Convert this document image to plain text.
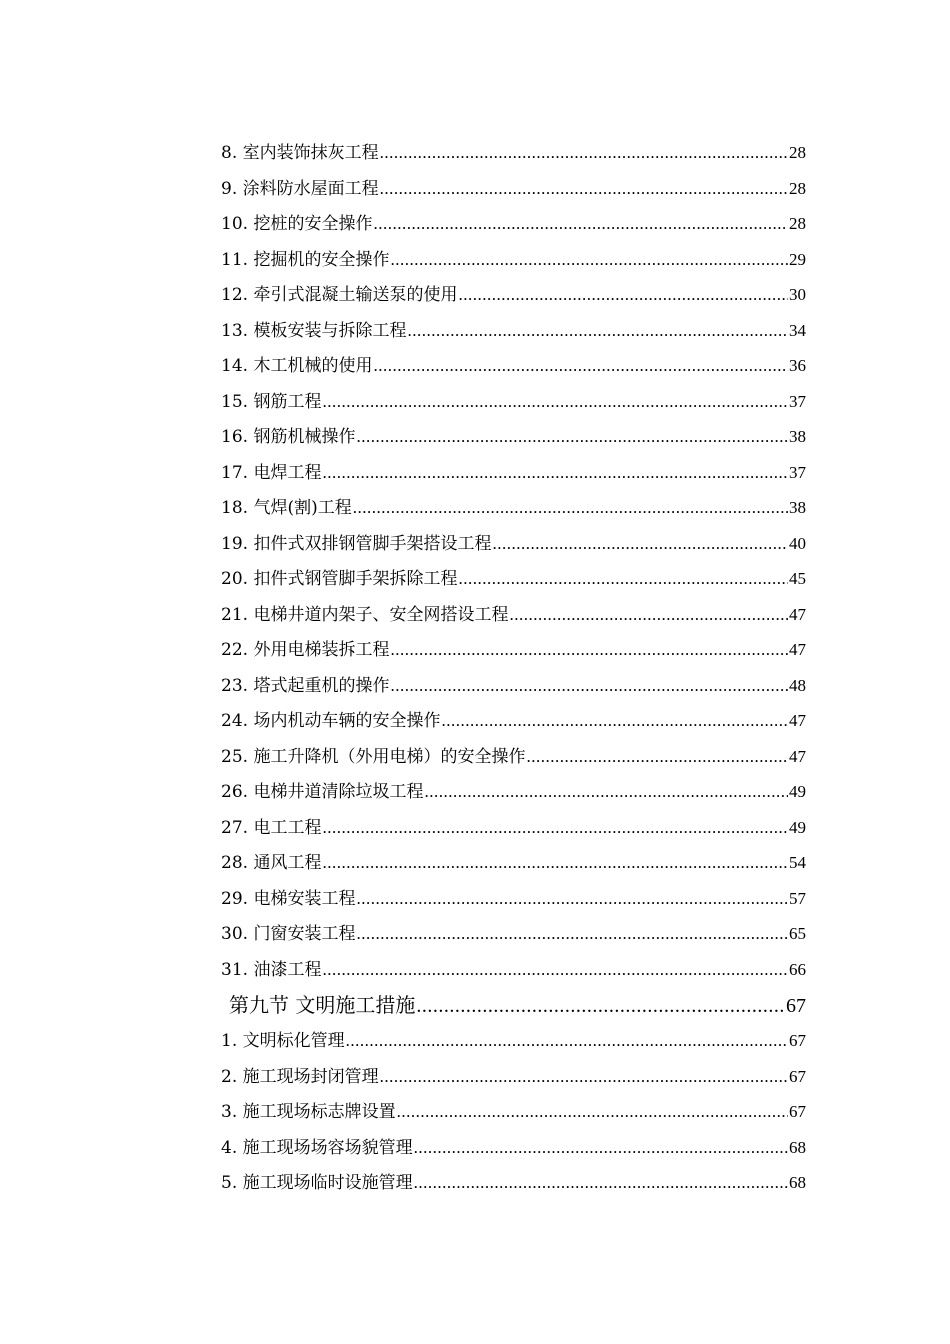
8. 室内装饰抹灰工程 .....	28
9. 涂料防水屋面工程 .....	28
10. 挖桩的安全操作 .....	28
11. 挖掘机的安全操作 .....	29
12. 牵引式混凝土输送泵的使用 .....	30
13. 模板安装与拆除工程 .....	34
14. 木工机械的使用 .....	36
15. 钢筋工程 .....	37
16. 钢筋机械操作 .....	38
17. 电焊工程 .....	37
18. 气焊(割)工程 .....	38
19. 扣件式双排钢管脚手架搭设工程 .....	40
20. 扣件式钢管脚手架拆除工程 .....	45
21. 电梯井道内架子、安全网搭设工程 .....	47
22. 外用电梯装拆工程 .....	47
23. 塔式起重机的操作 .....	48
24. 场内机动车辆的安全操作 .....	47
25. 施工升降机（外用电梯）的安全操作 .....	47
26. 电梯井道清除垃圾工程 .....	49
27. 电工工程 .....	49
28. 通风工程 .....	54
29. 电梯安装工程 .....	57
30. 门窗安装工程 .....	65
31. 油漆工程 .....	66
第九节 文明施工措施 .....	67
1. 文明标化管理 .....	67
2. 施工现场封闭管理 .....	67
3. 施工现场标志牌设置 .....	67
4. 施工现场场容场貌管理 .....	68
5. 施工现场临时设施管理 .....	68
